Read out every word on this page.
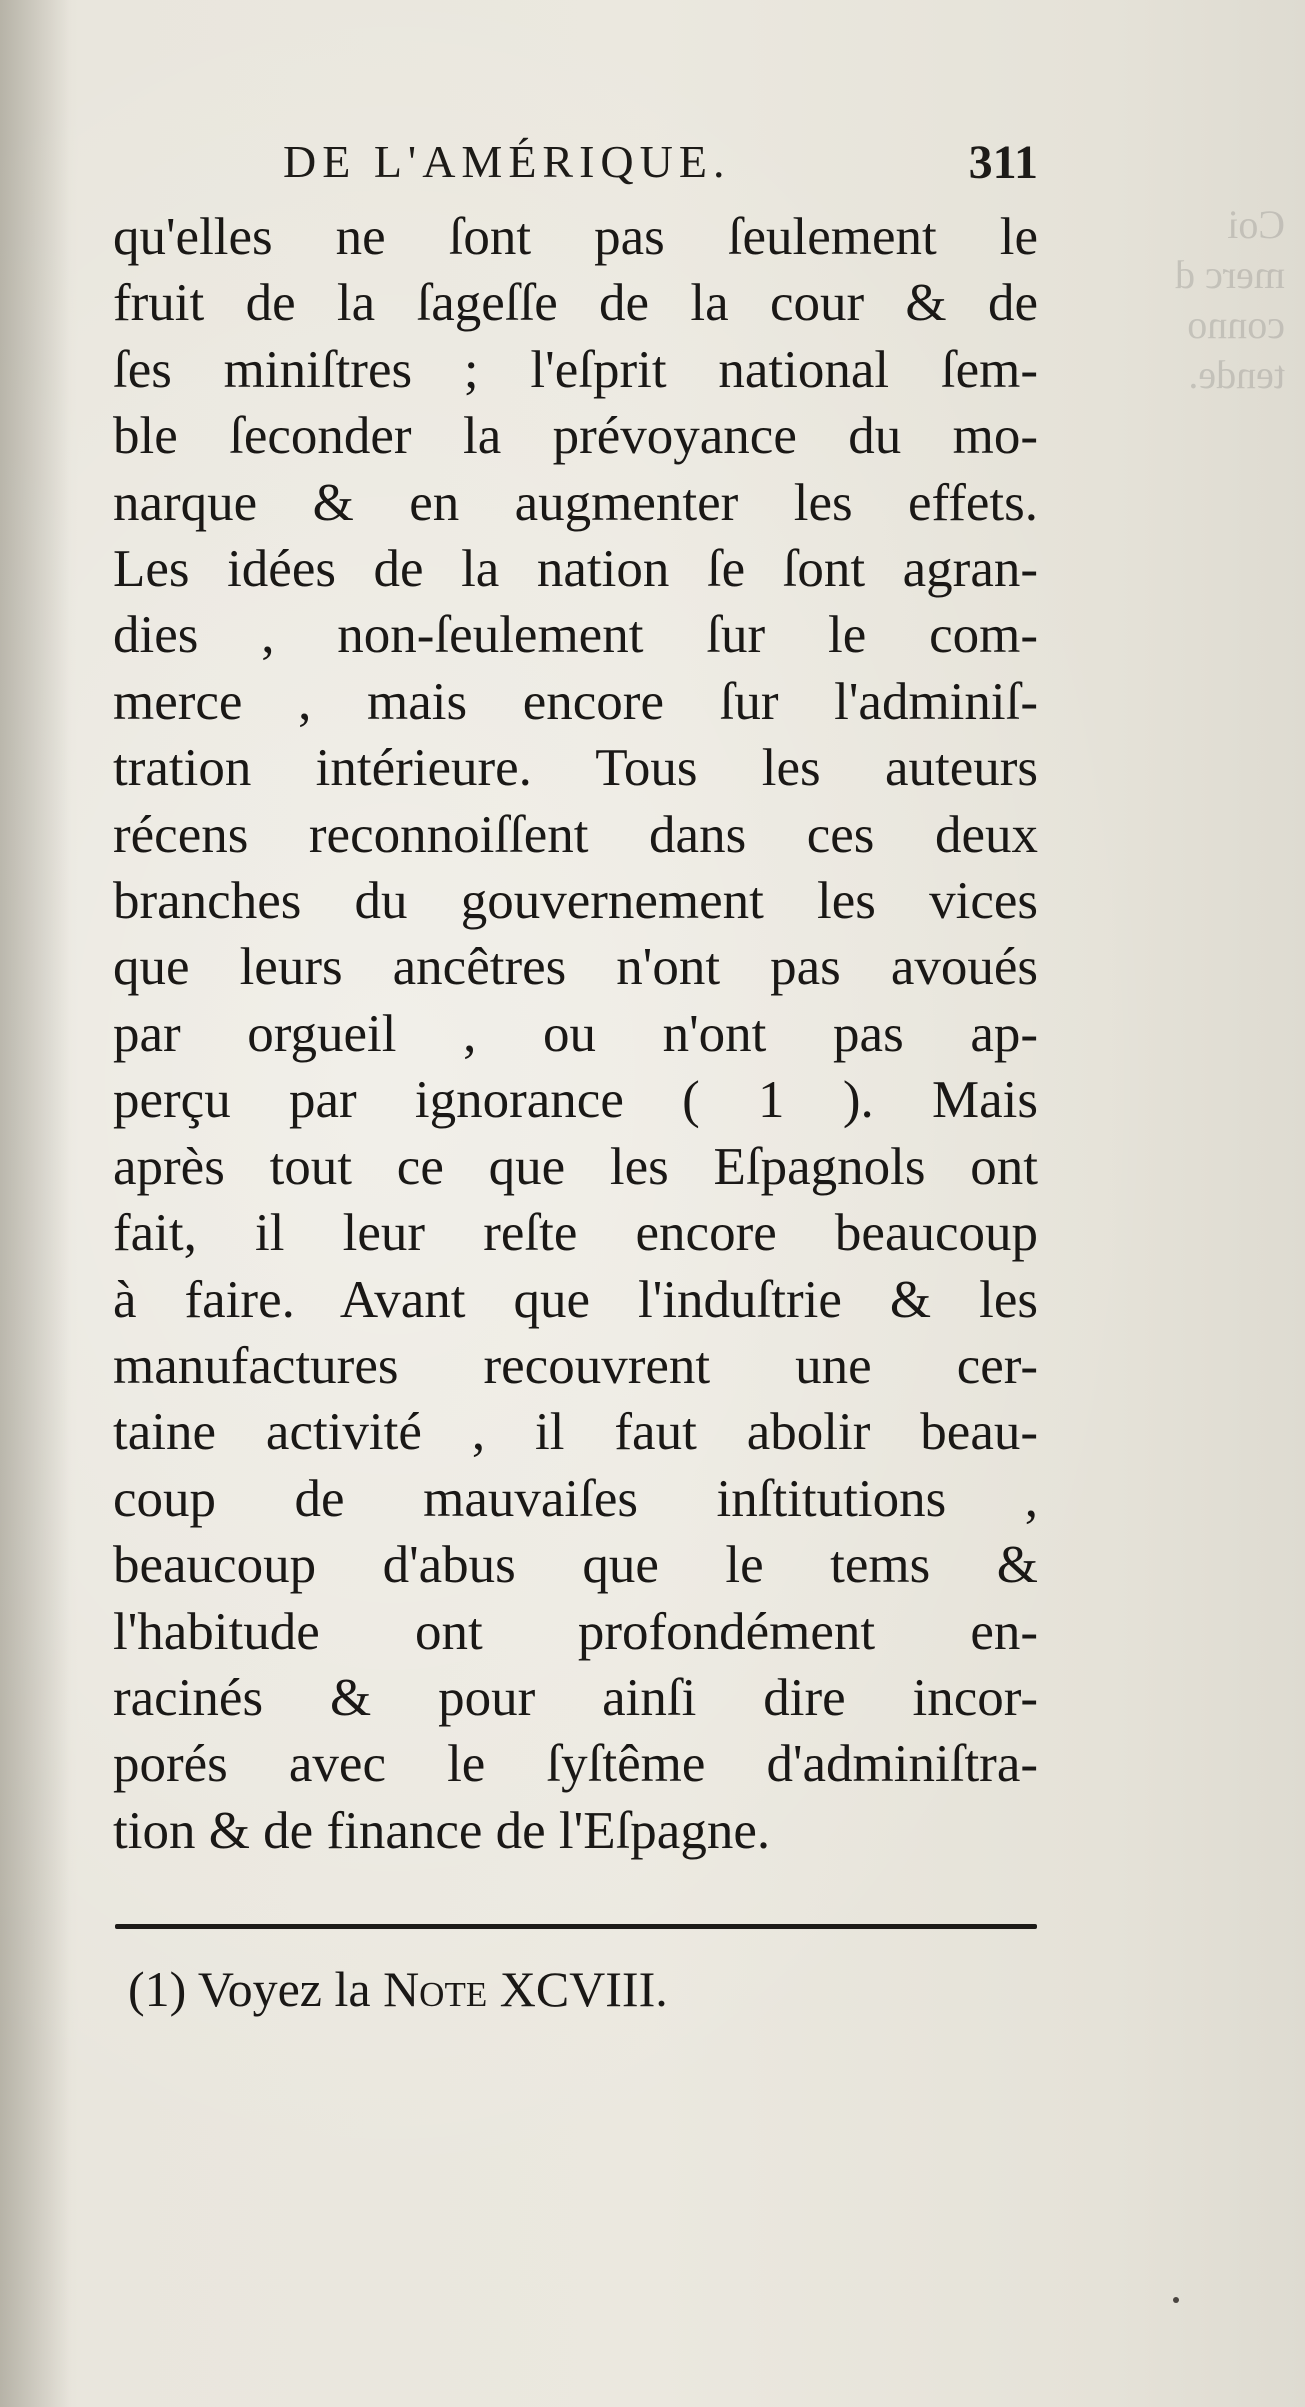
Coi
merc d
conno
tende.
DE L'AMÉRIQUE.	311
qu'elles ne ſont pas ſeulement le
fruit de la ſageſſe de la cour & de
ſes miniſtres ; l'eſprit national ſem-
ble ſeconder la prévoyance du mo-
narque & en augmenter les effets.
Les idées de la nation ſe ſont agran-
dies , non-ſeulement ſur le com-
merce , mais encore ſur l'adminiſ-
tration intérieure. Tous les auteurs
récens reconnoiſſent dans ces deux
branches du gouvernement les vices
que leurs ancêtres n'ont pas avoués
par orgueil , ou n'ont pas ap-
perçu par ignorance ( 1 ). Mais
après tout ce que les Eſpagnols ont
fait, il leur reſte encore beaucoup
à faire. Avant que l'induſtrie & les
manufactures recouvrent une cer-
taine activité , il faut abolir beau-
coup de mauvaiſes inſtitutions ,
beaucoup d'abus que le tems &
l'habitude ont profondément en-
racinés & pour ainſi dire incor-
porés avec le ſyſtême d'adminiſtra-
tion & de finance de l'Eſpagne.
(1) Voyez la Note XCVIII.
